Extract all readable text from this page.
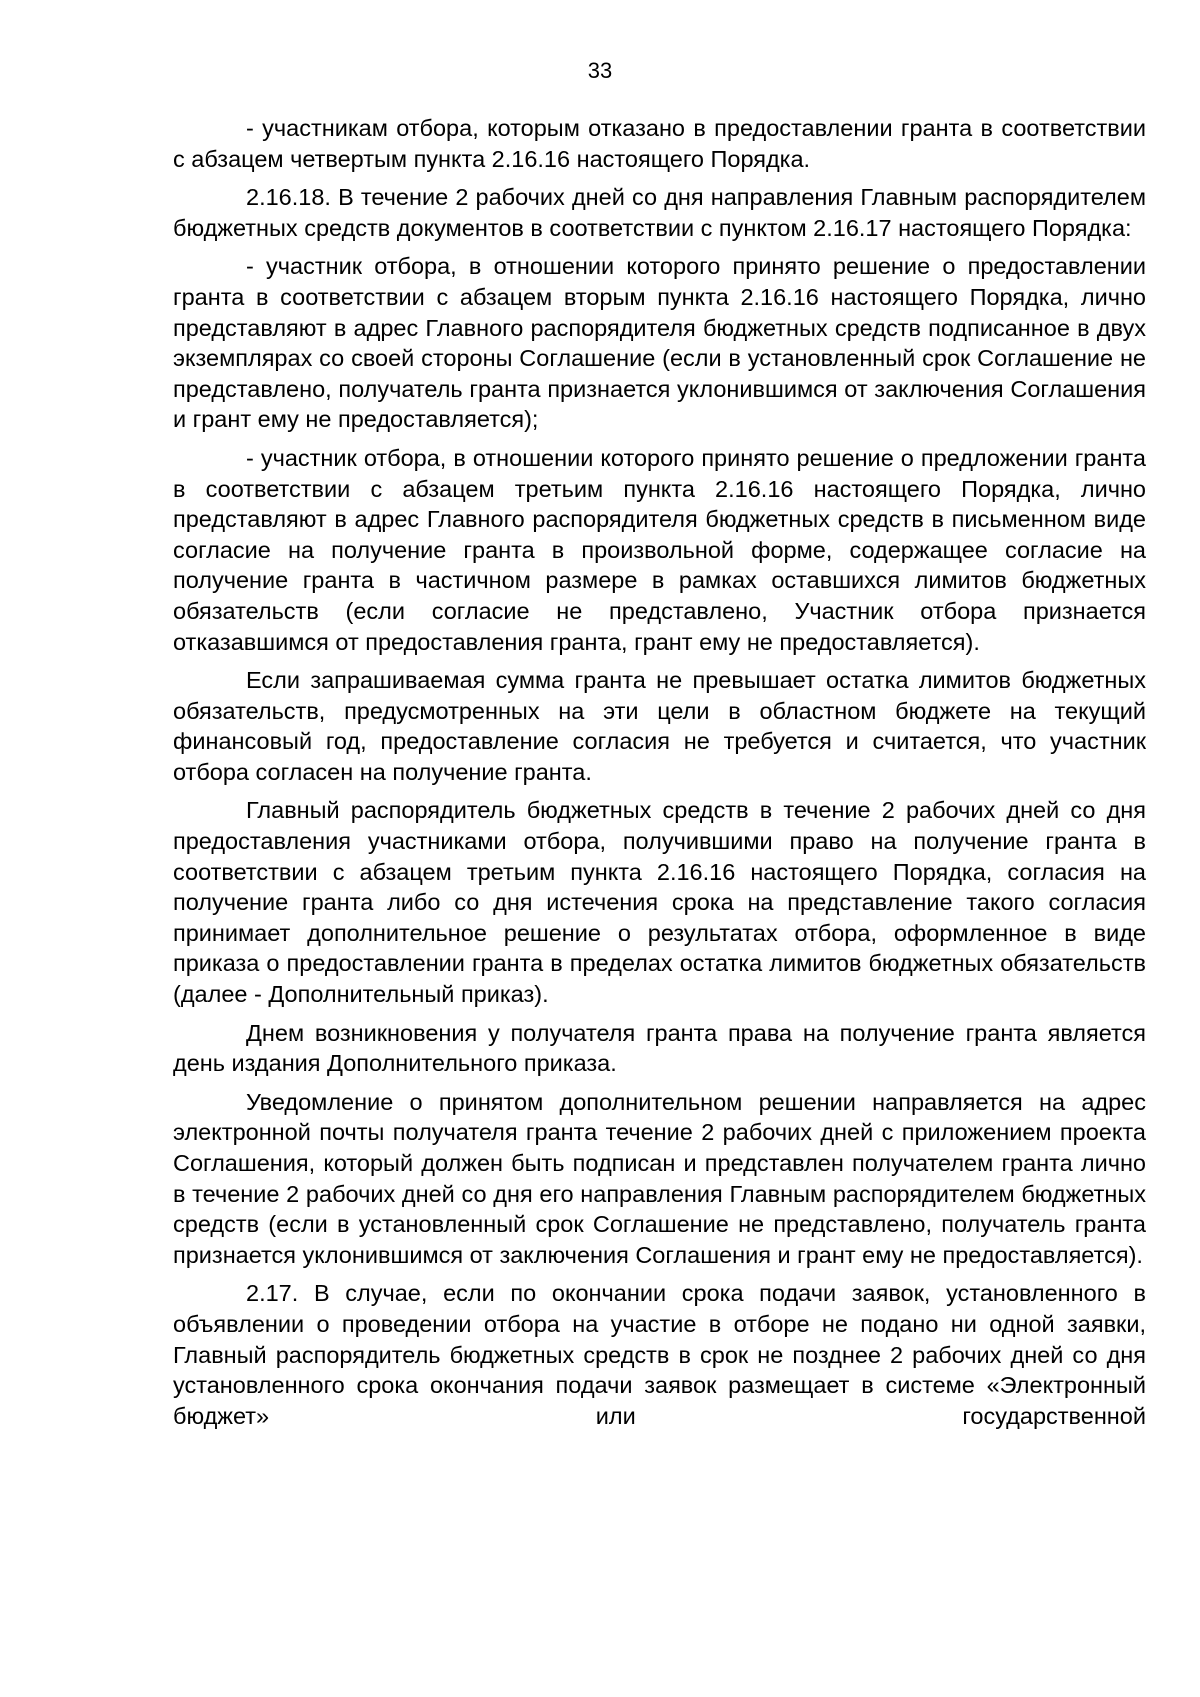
33

- участникам отбора, которым отказано в предоставлении гранта в соответствии с абзацем четвертым пункта 2.16.16 настоящего Порядка.

2.16.18. В течение 2 рабочих дней со дня направления Главным распорядителем бюджетных средств документов в соответствии с пунктом 2.16.17 настоящего Порядка:

- участник отбора, в отношении которого принято решение о предоставлении гранта в соответствии с абзацем вторым пункта 2.16.16 настоящего Порядка, лично представляют в адрес Главного распорядителя бюджетных средств подписанное в двух экземплярах со своей стороны Соглашение (если в установленный срок Соглашение не представлено, получатель гранта признается уклонившимся от заключения Соглашения и грант ему не предоставляется);

- участник отбора, в отношении которого принято решение о предложении гранта в соответствии с абзацем третьим пункта 2.16.16 настоящего Порядка, лично представляют в адрес Главного распорядителя бюджетных средств в письменном виде согласие на получение гранта в произвольной форме, содержащее согласие на получение гранта в частичном размере в рамках оставшихся лимитов бюджетных обязательств (если согласие не представлено, Участник отбора признается отказавшимся от предоставления гранта, грант ему не предоставляется).

Если запрашиваемая сумма гранта не превышает остатка лимитов бюджетных обязательств, предусмотренных на эти цели в областном бюджете на текущий финансовый год, предоставление согласия не требуется и считается, что участник отбора согласен на получение гранта.

Главный распорядитель бюджетных средств в течение 2 рабочих дней со дня предоставления участниками отбора, получившими право на получение гранта в соответствии с абзацем третьим пункта 2.16.16 настоящего Порядка, согласия на получение гранта либо со дня истечения срока на представление такого согласия принимает дополнительное решение о результатах отбора, оформленное в виде приказа о предоставлении гранта в пределах остатка лимитов бюджетных обязательств (далее - Дополнительный приказ).

Днем возникновения у получателя гранта права на получение гранта является день издания Дополнительного приказа.

Уведомление о принятом дополнительном решении направляется на адрес электронной почты получателя гранта течение 2 рабочих дней с приложением проекта Соглашения, который должен быть подписан и представлен получателем гранта лично в течение 2 рабочих дней со дня его направления Главным распорядителем бюджетных средств (если в установленный срок Соглашение не представлено, получатель гранта признается уклонившимся от заключения Соглашения и грант ему не предоставляется).

2.17. В случае, если по окончании срока подачи заявок, установленного в объявлении о проведении отбора на участие в отборе не подано ни одной заявки, Главный распорядитель бюджетных средств в срок не позднее 2 рабочих дней со дня установленного срока окончания подачи заявок размещает в системе «Электронный бюджет» или государственной
